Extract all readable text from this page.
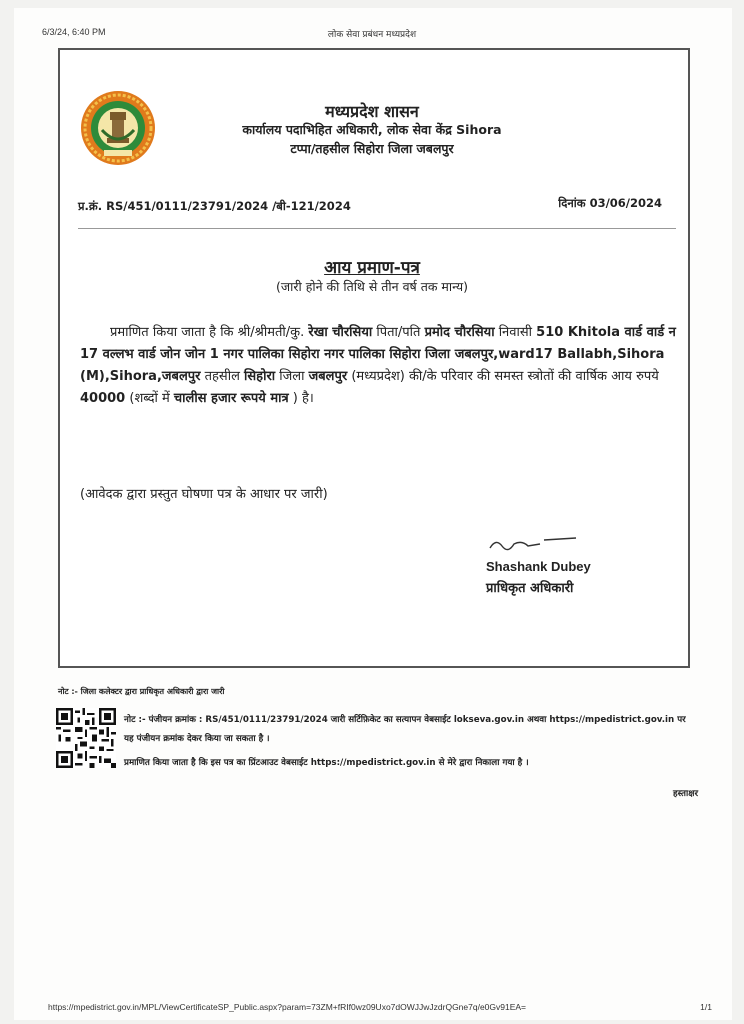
6/3/24, 6:40 PM	लोक सेवा प्रबंधन मध्यप्रदेश
मध्यप्रदेश शासन
कार्यालय पदाभिहित अधिकारी, लोक सेवा केंद्र Sihora
टप्पा/तहसील सिहोरा जिला जबलपुर
प्र.क्रं. RS/451/0111/23791/2024 /बी-121/2024	दिनांक 03/06/2024
आय प्रमाण-पत्र
(जारी होने की तिथि से तीन वर्ष तक मान्य)
प्रमाणित किया जाता है कि श्री/श्रीमती/कु. रेखा चौरसिया पिता/पति प्रमोद चौरसिया निवासी 510 Khitola वार्ड वार्ड न 17 वल्लभ वार्ड जोन जोन 1 नगर पालिका सिहोरा नगर पालिका सिहोरा जिला जबलपुर,ward17 Ballabh,Sihora (M),Sihora,जबलपुर तहसील सिहोरा जिला जबलपुर (मध्यप्रदेश) की/के परिवार की समस्त स्त्रोतों की वार्षिक आय रुपये 40000 (शब्दों में चालीस हजार रूपये मात्र ) है।
(आवेदक द्वारा प्रस्तुत घोषणा पत्र के आधार पर जारी)
Shashank Dubey
प्राधिकृत अधिकारी
नोट :- जिला कलेक्टर द्वारा प्राधिकृत अधिकारी द्वारा जारी
नोट :- पंजीयन क्रमांक : RS/451/0111/23791/2024 जारी सर्टिफ़िकेट का सत्यापन वेबसाईट lokseva.gov.in अथवा https://mpedistrict.gov.in पर यह पंजीयन क्रमांक देकर किया जा सकता है ।
प्रमाणित किया जाता है कि इस पत्र का प्रिंटआउट वेबसाईट https://mpedistrict.gov.in से मेरे द्वारा निकाला गया है ।
हस्ताक्षर
https://mpedistrict.gov.in/MPL/ViewCertificateSP_Public.aspx?param=73ZM+fRIf0wz09Uxo7dOWJJwJzdrQGne7q/e0Gv91EA=	1/1
